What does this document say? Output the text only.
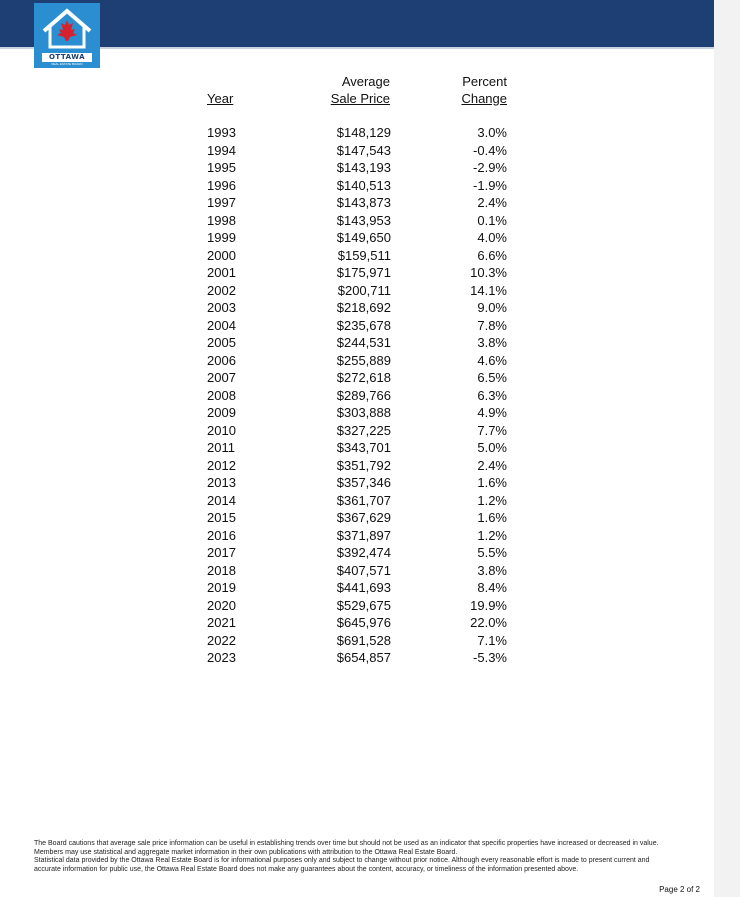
OTTAWA
REAL ESTATE BOARD
Year
Average
Sale Price
Percent
Change
1993	$148,129	3.0%
1994	$147,543	-0.4%
1995	$143,193	-2.9%
1996	$140,513	-1.9%
1997	$143,873	2.4%
1998	$143,953	0.1%
1999	$149,650	4.0%
2000	$159,511	6.6%
2001	$175,971	10.3%
2002	$200,711	14.1%
2003	$218,692	9.0%
2004	$235,678	7.8%
2005	$244,531	3.8%
2006	$255,889	4.6%
2007	$272,618	6.5%
2008	$289,766	6.3%
2009	$303,888	4.9%
2010	$327,225	7.7%
2011	$343,701	5.0%
2012	$351,792	2.4%
2013	$357,346	1.6%
2014	$361,707	1.2%
2015	$367,629	1.6%
2016	$371,897	1.2%
2017	$392,474	5.5%
2018	$407,571	3.8%
2019	$441,693	8.4%
2020	$529,675	19.9%
2021	$645,976	22.0%
2022	$691,528	7.1%
2023	$654,857	-5.3%
The Board cautions that average sale price information can be useful in establishing trends over time but should not be used as an indicator that specific properties have increased or decreased in value. Members may use statistical and aggregate market information in their own publications with attribution to the Ottawa Real Estate Board.
Statistical data provided by the Ottawa Real Estate Board is for informational purposes only and subject to change without prior notice. Although every reasonable effort is made to present current and accurate information for public use, the Ottawa Real Estate Board does not make any guarantees about the content, accuracy, or timeliness of the information presented above.
Page 2 of 2
